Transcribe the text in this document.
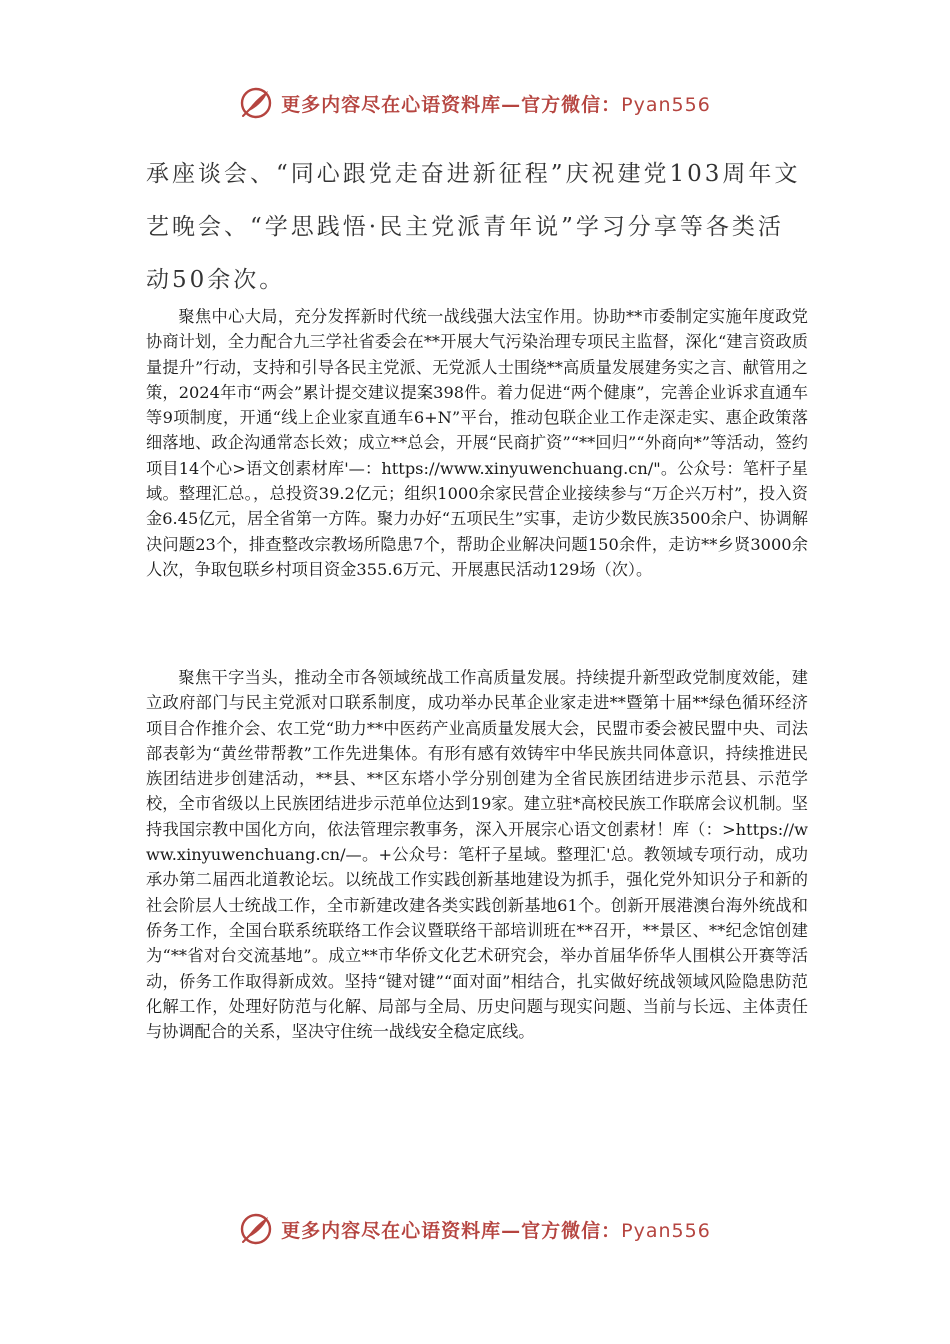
更多内容尽在心语资料库—官方微信：Pyan556

承座谈会、“同心跟党走奋进新征程”庆祝建党103周年文艺晚会、“学思践悟·民主党派青年说”学习分享等各类活动50余次。

聚焦中心大局，充分发挥新时代统一战线强大法宝作用。协助**市委制定实施年度政党协商计划，全力配合九三学社省委会在**开展大气污染治理专项民主监督，深化“建言资政质量提升”行动，支持和引导各民主党派、无党派人士围绕**高质量发展建务实之言、献管用之策，2024年市“两会”累计提交建议提案398件。着力促进“两个健康”，完善企业诉求直通车等9项制度，开通“线上企业家直通车6+N”平台，推动包联企业工作走深走实、惠企政策落细落地、政企沟通常态长效；成立**总会，开展“民商扩资”“**回归”“外商向*”等活动，签约项目14个心>语文创素材库'—：https://www.xinyuwenchuang.cn/"。公众号：笔杆子星域。整理汇总。，总投资39.2亿元；组织1000余家民营企业接续参与“万企兴万村”，投入资金6.45亿元，居全省第一方阵。聚力办好“五项民生”实事，走访少数民族3500余户、协调解决问题23个，排查整改宗教场所隐患7个，帮助企业解决问题150余件，走访**乡贤3000余人次，争取包联乡村项目资金355.6万元、开展惠民活动129场（次）。

聚焦干字当头，推动全市各领域统战工作高质量发展。持续提升新型政党制度效能，建立政府部门与民主党派对口联系制度，成功举办民革企业家走进**暨第十届**绿色循环经济项目合作推介会、农工党“助力**中医药产业高质量发展大会，民盟市委会被民盟中央、司法部表彰为“黄丝带帮教”工作先进集体。有形有感有效铸牢中华民族共同体意识，持续推进民族团结进步创建活动，**县、**区东塔小学分别创建为全省民族团结进步示范县、示范学校，全市省级以上民族团结进步示范单位达到19家。建立驻*高校民族工作联席会议机制。坚持我国宗教中国化方向，依法管理宗教事务，深入开展宗心语文创素材！库（：>https://www.xinyuwenchuang.cn/—。+公众号：笔杆子星域。整理汇'总。教领域专项行动，成功承办第二届西北道教论坛。以统战工作实践创新基地建设为抓手，强化党外知识分子和新的社会阶层人士统战工作，全市新建改建各类实践创新基地61个。创新开展港澳台海外统战和侨务工作，全国台联系统联络工作会议暨联络干部培训班在**召开，**景区、**纪念馆创建为“**省对台交流基地”。成立**市华侨文化艺术研究会，举办首届华侨华人围棋公开赛等活动，侨务工作取得新成效。坚持“键对键”“面对面”相结合，扎实做好统战领域风险隐患防范化解工作，处理好防范与化解、局部与全局、历史问题与现实问题、当前与长远、主体责任与协调配合的关系，坚决守住统一战线安全稳定底线。

更多内容尽在心语资料库—官方微信：Pyan556
